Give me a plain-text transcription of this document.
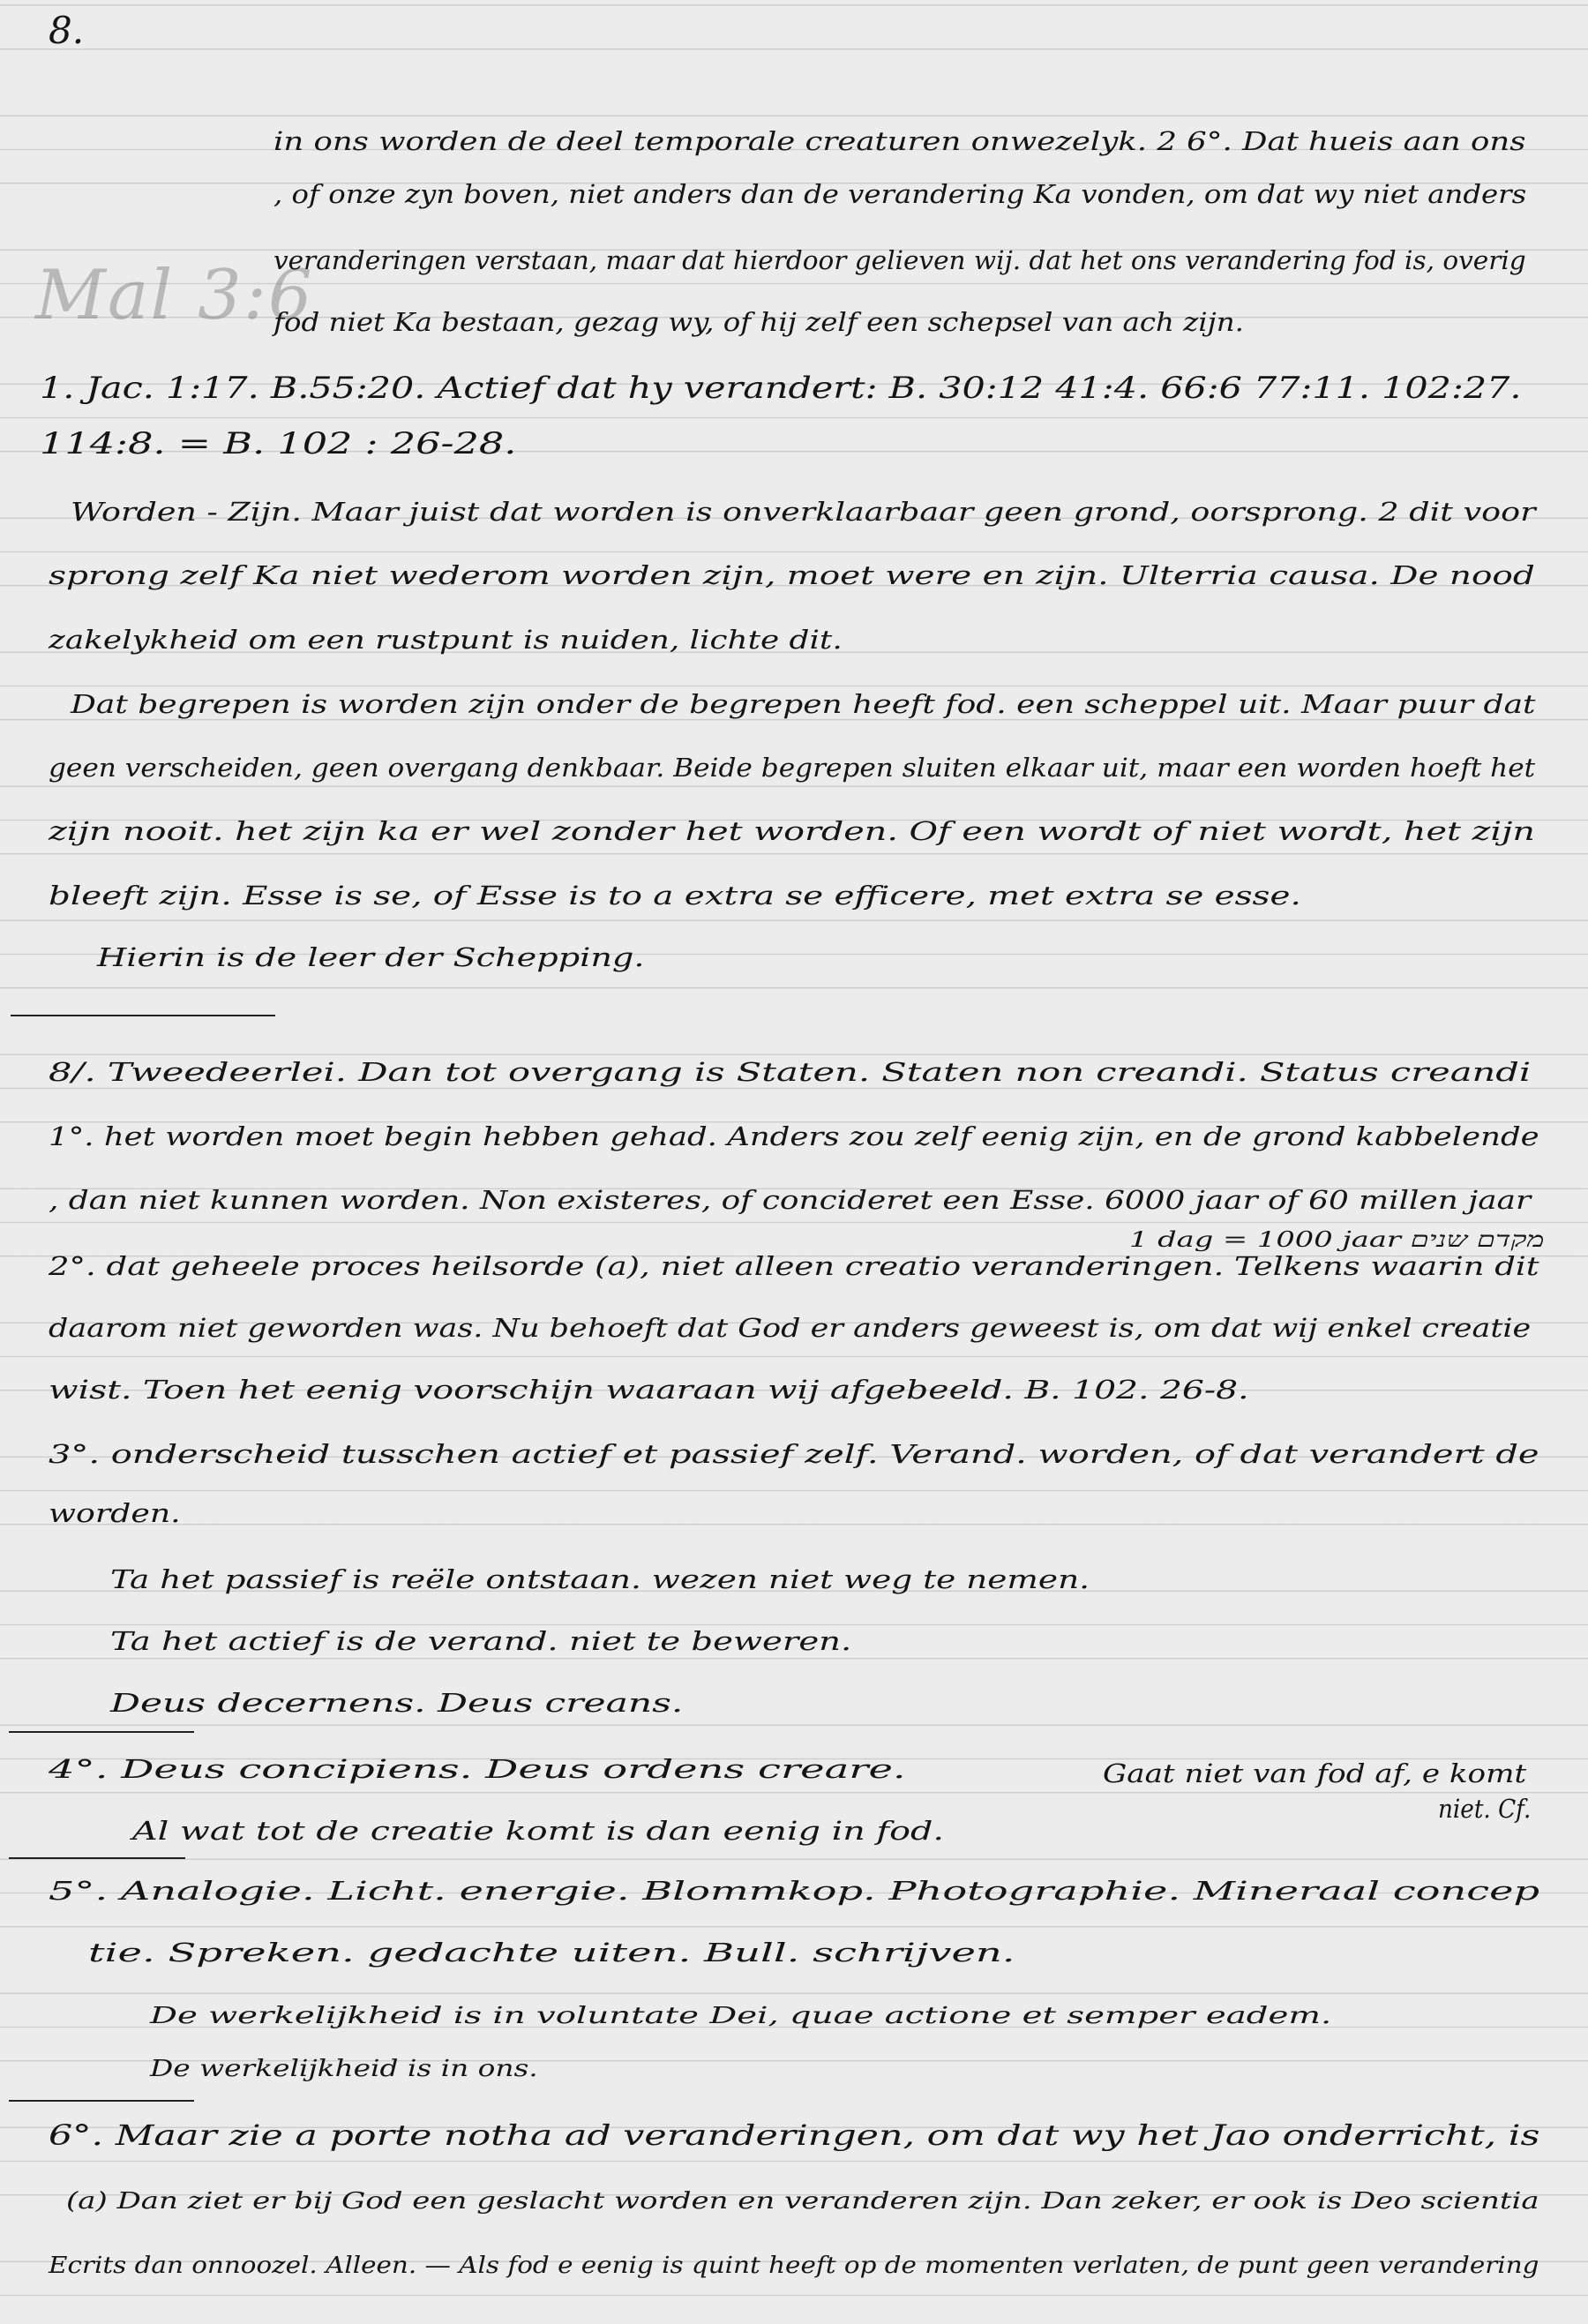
8.
Mal 3:6
in ons worden de deel temporale creaturen onwezelyk. 2 6°. Dat hueis aan ons
, of onze zyn boven, niet anders dan de verandering Ka vonden, om dat wy niet anders
veranderingen verstaan, maar dat hierdoor gelieven wij. dat het ons verandering fod is, overig
fod niet Ka bestaan, gezag wy, of hij zelf een schepsel van ach zijn.
1. Jac. 1:17. B.55:20. Actief dat hy verandert: B. 30:12 41:4. 66:6 77:11. 102:27.
114:8. = B. 102 : 26-28.
Worden - Zijn. Maar juist dat worden is onverklaarbaar geen grond, oorsprong. 2 dit voor
sprong zelf Ka niet wederom worden zijn, moet were en zijn. Ulterria causa. De nood
zakelykheid om een rustpunt is nuiden, lichte dit.
Dat begrepen is worden zijn onder de begrepen heeft fod. een scheppel uit. Maar puur dat
geen verscheiden, geen overgang denkbaar. Beide begrepen sluiten elkaar uit, maar een worden hoeft het
zijn nooit. het zijn ka er wel zonder het worden. Of een wordt of niet wordt, het zijn
bleeft zijn. Esse is se, of Esse is to a extra se efficere, met extra se esse.
Hierin is de leer der Schepping.
8/. Tweedeerlei. Dan tot overgang is Staten. Staten non creandi. Status creandi
1°. het worden moet begin hebben gehad. Anders zou zelf eenig zijn, en de grond kabbelende
, dan niet kunnen worden. Non existeres, of concideret een Esse. 6000 jaar of 60 millen jaar
1 dag = 1000 jaar מקדם שנים
2°. dat geheele proces heilsorde (a), niet alleen creatio veranderingen. Telkens waarin dit
daarom niet geworden was. Nu behoeft dat God er anders geweest is, om dat wij enkel creatie
wist. Toen het eenig voorschijn waaraan wij afgebeeld. B. 102. 26-8.
3°. onderscheid tusschen actief et passief zelf. Verand. worden, of dat verandert de
worden.
Ta het passief is reële ontstaan. wezen niet weg te nemen.
Ta het actief is de verand. niet te beweren.
Deus decernens. Deus creans.
4°. Deus concipiens. Deus ordens creare.	Gaat niet van fod af, e komt
niet. Cf.
Al wat tot de creatie komt is dan eenig in fod.
5°. Analogie. Licht. energie. Blommkop. Photographie. Mineraal concep
tie. Spreken. gedachte uiten. Bull. schrijven.
De werkelijkheid is in voluntate Dei, quae actione et semper eadem.
De werkelijkheid is in ons.
6°. Maar zie a porte notha ad veranderingen, om dat wy het Jao onderricht, is
(a) Dan ziet er bij God een geslacht worden en veranderen zijn. Dan zeker, er ook is Deo scientia
Ecrits dan onnoozel. Alleen. — Als fod e eenig is quint heeft op de momenten verlaten, de punt geen verandering
